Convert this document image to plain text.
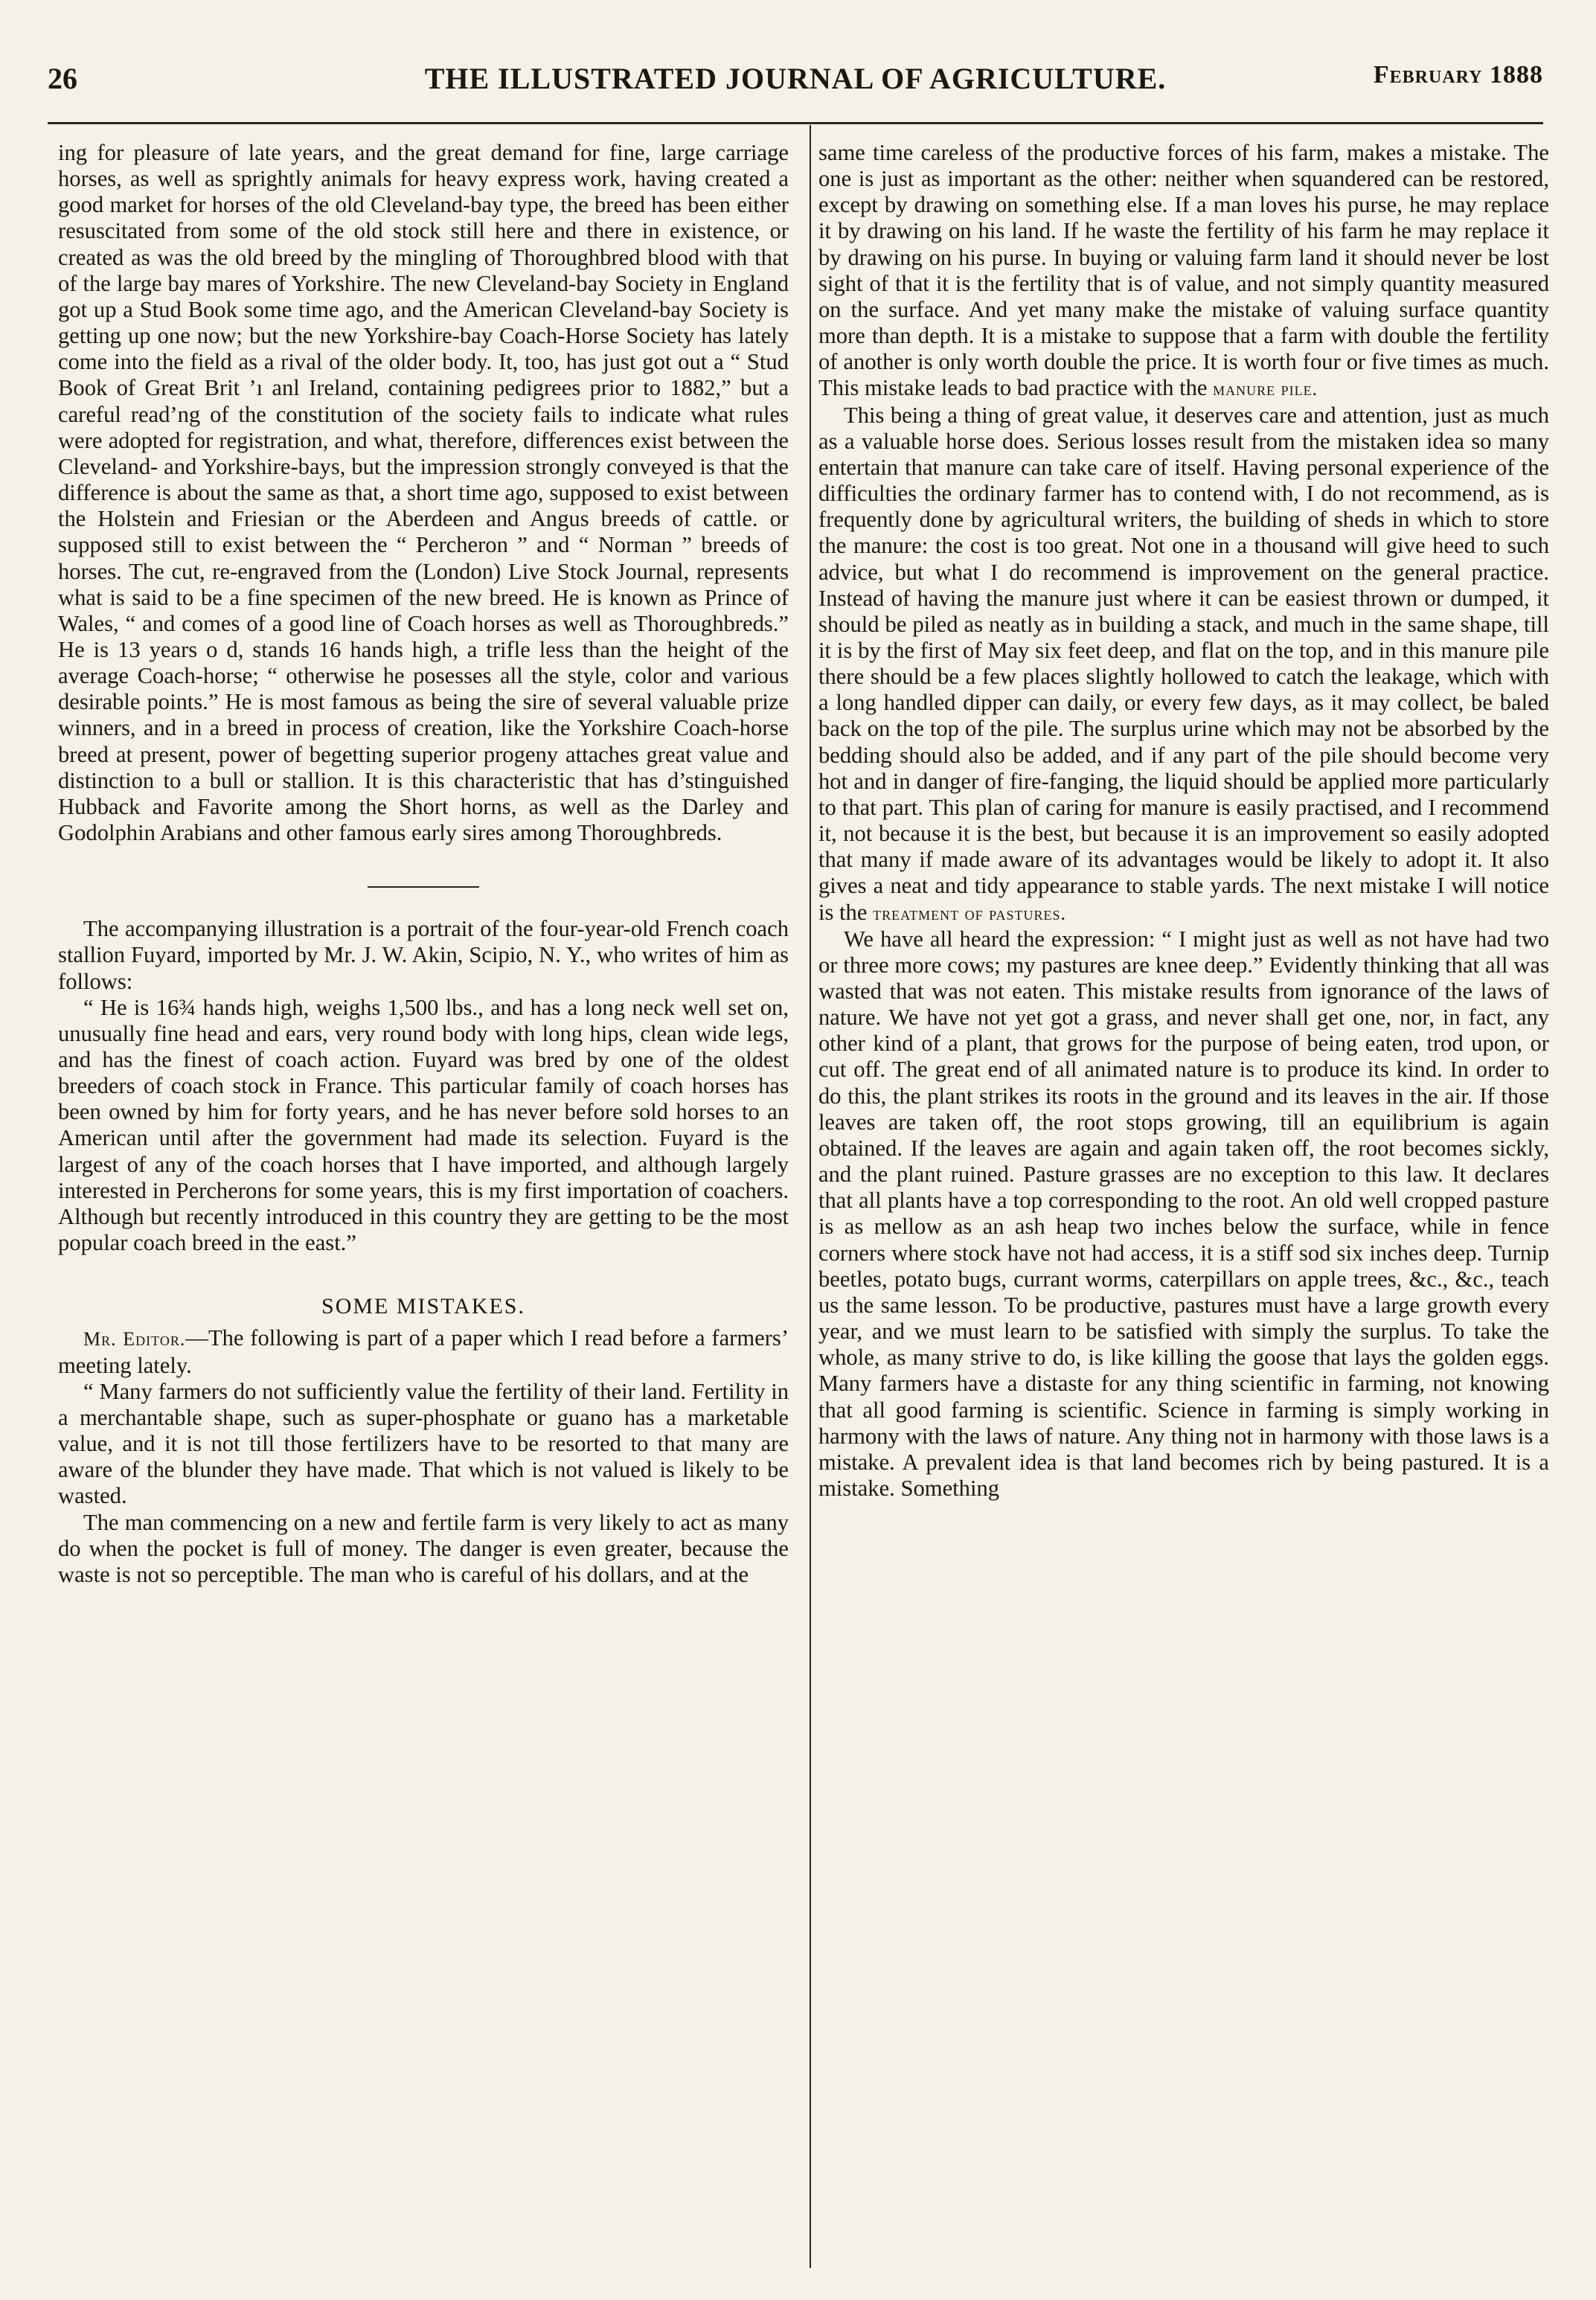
26	THE ILLUSTRATED JOURNAL OF AGRICULTURE.	February 1888

ing for pleasure of late years, and the great demand for fine, large carriage horses, as well as sprightly animals for heavy express work, having created a good market for horses of the old Cleveland-bay type, the breed has been either resuscitated from some of the old stock still here and there in existence, or created as was the old breed by the mingling of Thoroughbred blood with that of the large bay mares of Yorkshire. The new Cleveland-bay Society in England got up a Stud Book some time ago, and the American Cleveland-bay Society is getting up one now; but the new Yorkshire-bay Coach-Horse Society has lately come into the field as a rival of the older body. It, too, has just got out a “ Stud Book of Great Brit ’ı anl Ireland, containing pedigrees prior to 1882,” but a careful read’ng of the constitution of the society fails to indicate what rules were adopted for registration, and what, therefore, differences exist between the Cleveland- and Yorkshire-bays, but the impression strongly conveyed is that the difference is about the same as that, a short time ago, supposed to exist between the Holstein and Friesian or the Aberdeen and Angus breeds of cattle. or supposed still to exist between the “ Percheron ” and “ Norman ” breeds of horses. The cut, re-engraved from the (London) Live Stock Journal, represents what is said to be a fine specimen of the new breed. He is known as Prince of Wales, “ and comes of a good line of Coach horses as well as Thoroughbreds.” He is 13 years o d, stands 16 hands high, a trifle less than the height of the average Coach-horse; “ otherwise he posesses all the style, color and various desirable points.” He is most famous as being the sire of several valuable prize winners, and in a breed in process of creation, like the Yorkshire Coach-horse breed at present, power of begetting superior progeny attaches great value and distinction to a bull or stallion. It is this characteristic that has d’stinguished Hubback and Favorite among the Short horns, as well as the Darley and Godolphin Arabians and other famous early sires among Thoroughbreds.

The accompanying illustration is a portrait of the four-year-old French coach stallion Fuyard, imported by Mr. J. W. Akin, Scipio, N. Y., who writes of him as follows:

“ He is 16¾ hands high, weighs 1,500 lbs., and has a long neck well set on, unusually fine head and ears, very round body with long hips, clean wide legs, and has the finest of coach action. Fuyard was bred by one of the oldest breeders of coach stock in France. This particular family of coach horses has been owned by him for forty years, and he has never before sold horses to an American until after the government had made its selection. Fuyard is the largest of any of the coach horses that I have imported, and although largely interested in Percherons for some years, this is my first importation of coachers. Although but recently introduced in this country they are getting to be the most popular coach breed in the east.”

SOME MISTAKES.

Mr. Editor.—The following is part of a paper which I read before a farmers’ meeting lately.

“ Many farmers do not sufficiently value the fertility of their land. Fertility in a merchantable shape, such as super-phosphate or guano has a marketable value, and it is not till those fertilizers have to be resorted to that many are aware of the blunder they have made. That which is not valued is likely to be wasted.

The man commencing on a new and fertile farm is very likely to act as many do when the pocket is full of money. The danger is even greater, because the waste is not so perceptible. The man who is careful of his dollars, and at the

same time careless of the productive forces of his farm, makes a mistake. The one is just as important as the other: neither when squandered can be restored, except by drawing on something else. If a man loves his purse, he may replace it by drawing on his land. If he waste the fertility of his farm he may replace it by drawing on his purse. In buying or valuing farm land it should never be lost sight of that it is the fertility that is of value, and not simply quantity measured on the surface. And yet many make the mistake of valuing surface quantity more than depth. It is a mistake to suppose that a farm with double the fertility of another is only worth double the price. It is worth four or five times as much. This mistake leads to bad practice with the manure pile.

This being a thing of great value, it deserves care and attention, just as much as a valuable horse does. Serious losses result from the mistaken idea so many entertain that manure can take care of itself. Having personal experience of the difficulties the ordinary farmer has to contend with, I do not recommend, as is frequently done by agricultural writers, the building of sheds in which to store the manure: the cost is too great. Not one in a thousand will give heed to such advice, but what I do recommend is improvement on the general practice. Instead of having the manure just where it can be easiest thrown or dumped, it should be piled as neatly as in building a stack, and much in the same shape, till it is by the first of May six feet deep, and flat on the top, and in this manure pile there should be a few places slightly hollowed to catch the leakage, which with a long handled dipper can daily, or every few days, as it may collect, be baled back on the top of the pile. The surplus urine which may not be absorbed by the bedding should also be added, and if any part of the pile should become very hot and in danger of fire-fanging, the liquid should be applied more particularly to that part. This plan of caring for manure is easily practised, and I recommend it, not because it is the best, but because it is an improvement so easily adopted that many if made aware of its advantages would be likely to adopt it. It also gives a neat and tidy appearance to stable yards. The next mistake I will notice is the treatment of pastures.

We have all heard the expression: “ I might just as well as not have had two or three more cows; my pastures are knee deep.” Evidently thinking that all was wasted that was not eaten. This mistake results from ignorance of the laws of nature. We have not yet got a grass, and never shall get one, nor, in fact, any other kind of a plant, that grows for the purpose of being eaten, trod upon, or cut off. The great end of all animated nature is to produce its kind. In order to do this, the plant strikes its roots in the ground and its leaves in the air. If those leaves are taken off, the root stops growing, till an equilibrium is again obtained. If the leaves are again and again taken off, the root becomes sickly, and the plant ruined. Pasture grasses are no exception to this law. It declares that all plants have a top corresponding to the root. An old well cropped pasture is as mellow as an ash heap two inches below the surface, while in fence corners where stock have not had access, it is a stiff sod six inches deep. Turnip beetles, potato bugs, currant worms, caterpillars on apple trees, &c., &c., teach us the same lesson. To be productive, pastures must have a large growth every year, and we must learn to be satisfied with simply the surplus. To take the whole, as many strive to do, is like killing the goose that lays the golden eggs. Many farmers have a distaste for any thing scientific in farming, not knowing that all good farming is scientific. Science in farming is simply working in harmony with the laws of nature. Any thing not in harmony with those laws is a mistake. A prevalent idea is that land becomes rich by being pastured. It is a mistake. Something
